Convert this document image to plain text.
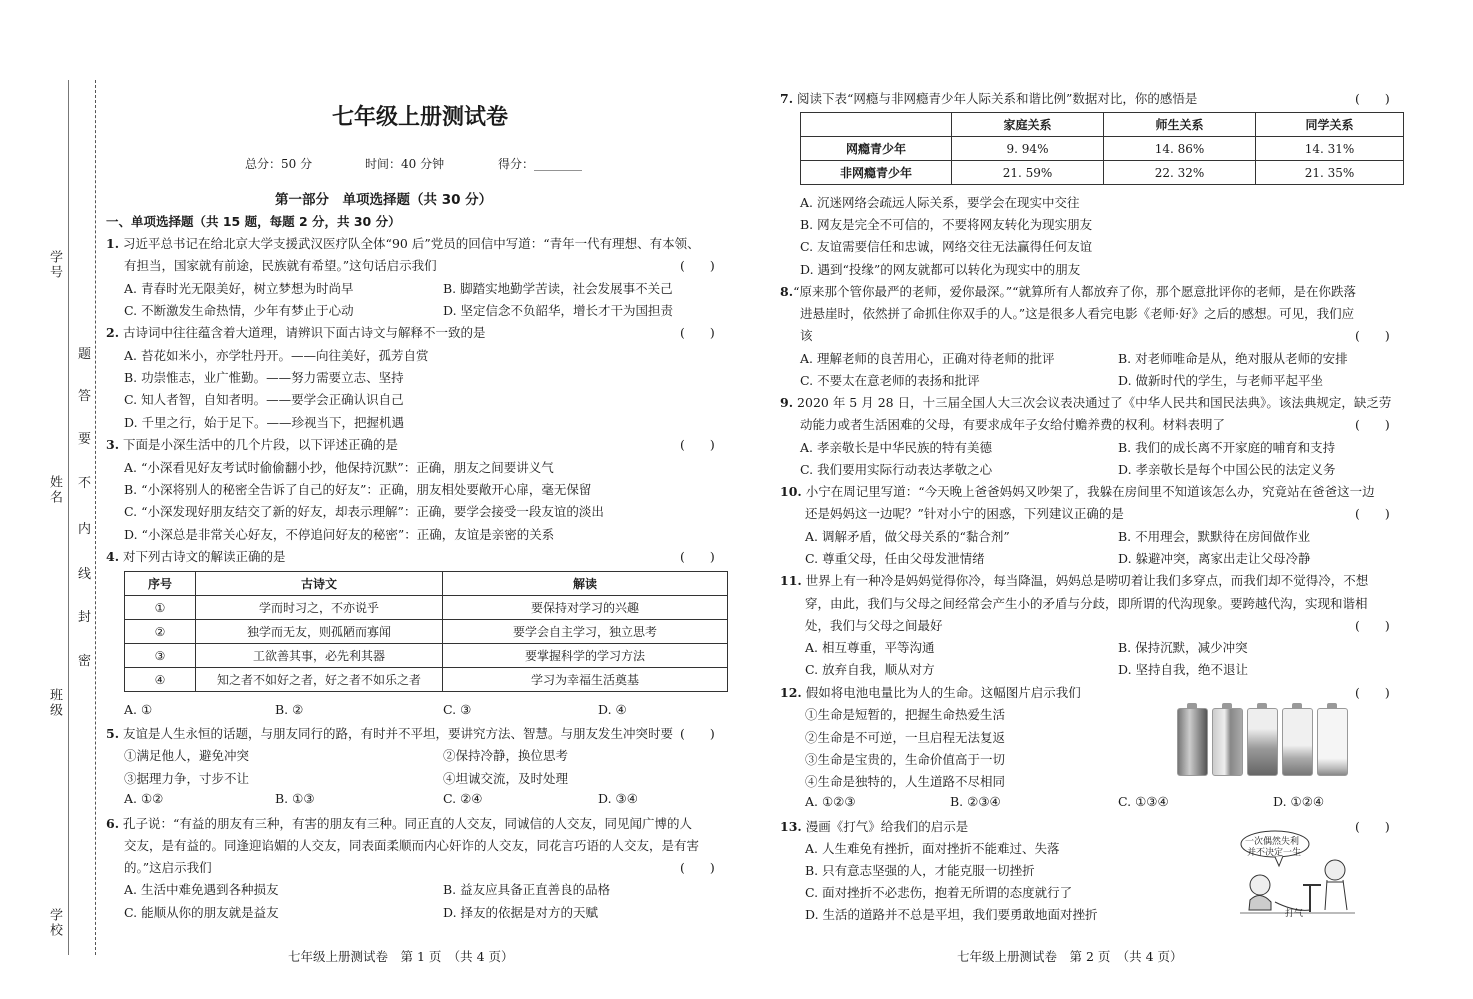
学号
姓名
班级
学校
题
答
要
不
内
线
封
密
七年级上册测试卷
总分：50 分	时间：40 分钟	得分：________
第一部分　单项选择题（共 30 分）
一、单项选择题（共 15 题，每题 2 分，共 30 分）
1. 习近平总书记在给北京大学支援武汉医疗队全体“90 后”党员的回信中写道：“青年一代有理想、有本领、
有担当，国家就有前途，民族就有希望。”这句话启示我们	(　　)
A. 青春时光无限美好，树立梦想为时尚早	B. 脚踏实地勤学苦读，社会发展事不关己
C. 不断激发生命热情，少年有梦止于心动	D. 坚定信念不负韶华，增长才干为国担责
2. 古诗词中往往蕴含着大道理，请辨识下面古诗文与解释不一致的是	(　　)
A. 苔花如米小，亦学牡丹开。——向往美好，孤芳自赏
B. 功崇惟志，业广惟勤。——努力需要立志、坚持
C. 知人者智，自知者明。——要学会正确认识自己
D. 千里之行，始于足下。——珍视当下，把握机遇
3. 下面是小深生活中的几个片段，以下评述正确的是	(　　)
A. “小深看见好友考试时偷偷翻小抄，他保持沉默”：正确，朋友之间要讲义气
B. “小深将别人的秘密全告诉了自己的好友”：正确，朋友相处要敞开心扉，毫无保留
C. “小深发现好朋友结交了新的好友，却表示理解”：正确，要学会接受一段友谊的淡出
D. “小深总是非常关心好友，不停追问好友的秘密”：正确，友谊是亲密的关系
4. 对下列古诗文的解读正确的是	(　　)
序号	古诗文	解读
①	学而时习之，不亦说乎	要保持对学习的兴趣
②	独学而无友，则孤陋而寡闻	要学会自主学习，独立思考
③	工欲善其事，必先利其器	要掌握科学的学习方法
④	知之者不如好之者，好之者不如乐之者	学习为幸福生活奠基
A. ①	B. ②	C. ③	D. ④
5. 友谊是人生永恒的话题，与朋友同行的路，有时并不平坦，要讲究方法、智慧。与朋友发生冲突时要 (　　)
①满足他人，避免冲突	②保持冷静，换位思考
③据理力争，寸步不让	④坦诚交流，及时处理
A. ①②	B. ①③	C. ②④	D. ③④
6. 孔子说：“有益的朋友有三种，有害的朋友有三种。同正直的人交友，同诚信的人交友，同见闻广博的人
交友，是有益的。同逢迎谄媚的人交友，同表面柔顺而内心奸诈的人交友，同花言巧语的人交友，是有害
的。”这启示我们	(　　)
A. 生活中难免遇到各种损友	B. 益友应具备正直善良的品格
C. 能顺从你的朋友就是益友	D. 择友的依据是对方的天赋
七年级上册测试卷　第 1 页　（共 4 页）
7. 阅读下表“网瘾与非网瘾青少年人际关系和谐比例”数据对比，你的感悟是	(　　)
	家庭关系	师生关系	同学关系
网瘾青少年	9. 94%	14. 86%	14. 31%
非网瘾青少年	21. 59%	22. 32%	21. 35%
A. 沉迷网络会疏远人际关系，要学会在现实中交往
B. 网友是完全不可信的，不要将网友转化为现实朋友
C. 友谊需要信任和忠诚，网络交往无法赢得任何友谊
D. 遇到“投缘”的网友就都可以转化为现实中的朋友
8.“原来那个管你最严的老师，爱你最深。”“就算所有人都放弃了你，那个愿意批评你的老师，是在你跌落
进悬崖时，依然拼了命抓住你双手的人。”这是很多人看完电影《老师·好》之后的感想。可见，我们应
该	(　　)
A. 理解老师的良苦用心，正确对待老师的批评	B. 对老师唯命是从，绝对服从老师的安排
C. 不要太在意老师的表扬和批评	D. 做新时代的学生，与老师平起平坐
9. 2020 年 5 月 28 日，十三届全国人大三次会议表决通过了《中华人民共和国民法典》。该法典规定，缺乏劳
动能力或者生活困难的父母，有要求成年子女给付赡养费的权利。材料表明了	(　　)
A. 孝亲敬长是中华民族的特有美德	B. 我们的成长离不开家庭的哺育和支持
C. 我们要用实际行动表达孝敬之心	D. 孝亲敬长是每个中国公民的法定义务
10. 小宁在周记里写道：“今天晚上爸爸妈妈又吵架了，我躲在房间里不知道该怎么办，究竟站在爸爸这一边
还是妈妈这一边呢？”针对小宁的困惑，下列建议正确的是	(　　)
A. 调解矛盾，做父母关系的“黏合剂”	B. 不用理会，默默待在房间做作业
C. 尊重父母，任由父母发泄情绪	D. 躲避冲突，离家出走让父母冷静
11. 世界上有一种冷是妈妈觉得你冷，每当降温，妈妈总是唠叨着让我们多穿点，而我们却不觉得冷，不想
穿，由此，我们与父母之间经常会产生小的矛盾与分歧，即所谓的代沟现象。要跨越代沟，实现和谐相
处，我们与父母之间最好	(　　)
A. 相互尊重，平等沟通	B. 保持沉默，减少冲突
C. 放弃自我，顺从对方	D. 坚持自我，绝不退让
12. 假如将电池电量比为人的生命。这幅图片启示我们	(　　)
①生命是短暂的，把握生命热爱生活
②生命是不可逆，一旦启程无法复返
③生命是宝贵的，生命价值高于一切
④生命是独特的，人生道路不尽相同
A. ①②③	B. ②③④	C. ①③④	D. ①②④
13. 漫画《打气》给我们的启示是	(　　)
A. 人生难免有挫折，面对挫折不能难过、失落
B. 只有意志坚强的人，才能克服一切挫折
C. 面对挫折不必悲伤，抱着无所谓的态度就行了
D. 生活的道路并不总是平坦，我们要勇敢地面对挫折
一次偶然失利
并不决定一生
打气
七年级上册测试卷　第 2 页　（共 4 页）
